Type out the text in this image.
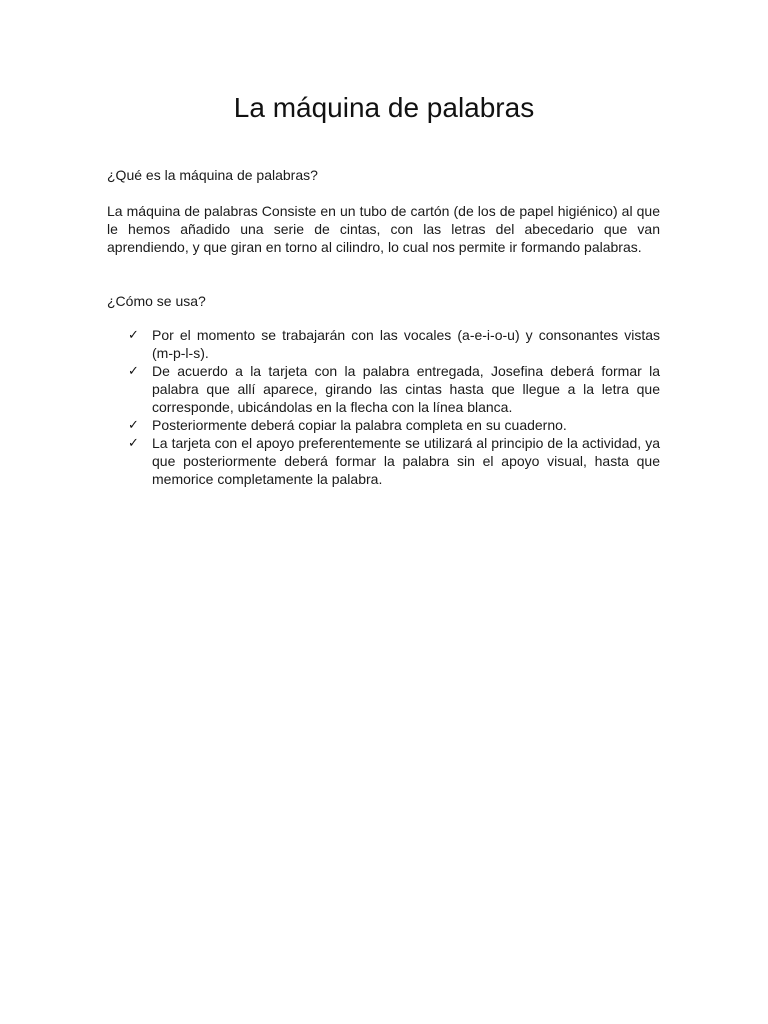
La máquina de palabras

¿Qué es la máquina de palabras?

La máquina de palabras Consiste en un tubo de cartón (de los de papel higiénico) al que le hemos añadido una serie de cintas, con las letras del abecedario que van aprendiendo, y que giran en torno al cilindro, lo cual nos permite ir formando palabras.

¿Cómo se usa?

✓ Por el momento se trabajarán con las vocales (a-e-i-o-u) y consonantes vistas (m-p-l-s).
✓ De acuerdo a la tarjeta con la palabra entregada, Josefina deberá formar la palabra que allí aparece, girando las cintas hasta que llegue a la letra que corresponde, ubicándolas en la flecha con la línea blanca.
✓ Posteriormente deberá copiar la palabra completa en su cuaderno.
✓ La tarjeta con el apoyo preferentemente se utilizará al principio de la actividad, ya que posteriormente deberá formar la palabra sin el apoyo visual, hasta que memorice completamente la palabra.
